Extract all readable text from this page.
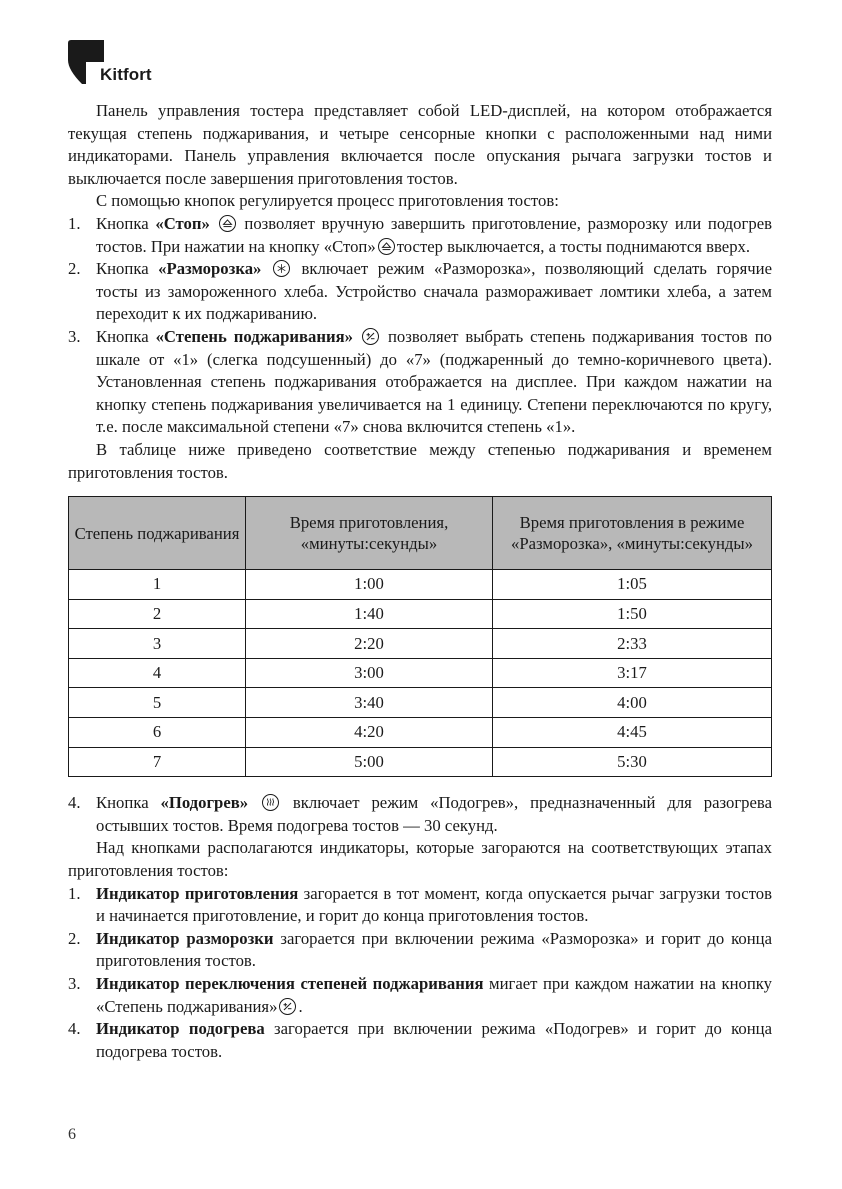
Kitfort

Панель управления тостера представляет собой LED-дисплей, на котором отображается текущая степень поджаривания, и четыре сенсорные кнопки с расположенными над ними индикаторами. Панель управления включается после опускания рычага загрузки тостов и выключается после завершения приготовления тостов.

С помощью кнопок регулируется процесс приготовления тостов:

1. Кнопка «Стоп»
позволяет вручную завершить приготовление, разморозку или подогрев тостов. При нажатии на кнопку «Стоп» тостер выключается, а тосты поднимаются вверх.
2. Кнопка «Разморозка»
включает режим «Разморозка», позволяющий сделать горячие тосты из замороженного хлеба. Устройство сначала размораживает ломтики хлеба, а затем переходит к их поджариванию.
3. Кнопка «Степень поджаривания»
позволяет выбрать степень поджаривания тостов по шкале от «1» (слегка подсушенный) до «7» (поджаренный до темно-коричневого цвета). Установленная степень поджаривания отображается на дисплее. При каждом нажатии на кнопку степень поджаривания увеличивается на 1 единицу. Степени переключаются по кругу, т.е. после максимальной степени «7» снова включится степень «1».

В таблице ниже приведено соответствие между степенью поджаривания и временем приготовления тостов.

Степень поджаривания	Время приготовления, «минуты:секунды»	Время приготовления в режиме «Разморозка», «минуты:секунды»
1	1:00	1:05
2	1:40	1:50
3	2:20	2:33
4	3:00	3:17
5	3:40	4:00
6	4:20	4:45
7	5:00	5:30
4. Кнопка «Подогрев»
включает режим «Подогрев», предназначенный для разогрева остывших тостов. Время подогрева тостов — 30 секунд.

Над кнопками располагаются индикаторы, которые загораются на соответствующих этапах приготовления тостов:

1. Индикатор приготовления загорается в тот момент, когда опускается рычаг загрузки тостов и начинается приготовление, и горит до конца приготовления тостов.
2. Индикатор разморозки загорается при включении режима «Разморозка» и горит до конца приготовления тостов.
3. Индикатор переключения степеней поджаривания мигает при каждом нажатии на кнопку «Степень поджаривания» .
4. Индикатор подогрева загорается при включении режима «Подогрев» и горит до конца подогрева тостов.
6
